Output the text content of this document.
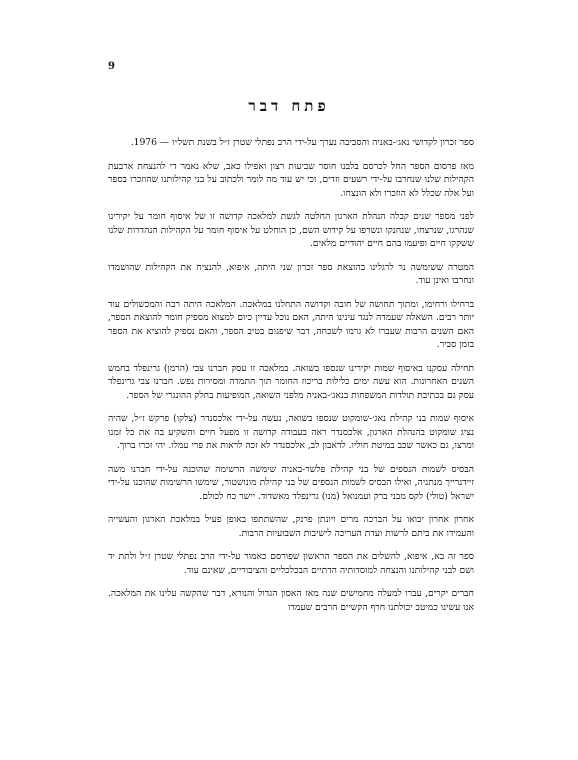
9
פתח דבר

ספר זכרון לקדושי נאג׳-באניה והסביבה נערך על-ידי הרב נפתלי שטרן ז״ל בשנת תשל״ו — 1976.

מאז פרסום הספר החל לכרסם בלבנו חוסר שביעות רצון ואפילו כאב, שלא נאמר די להנצחת ארבעת הקהילות שלנו שנחרבו על-ידי רשעים וזדים, וכי יש עוד מה לומר ולכתוב על בני קהילותנו שהוזכרו בספר ועל אלה שכלל לא הוזכרו ולא הונצחו.

לפני מספר שנים קבלה הנהלת הארגון החלטה לגשת למלאכה קדושה זו של איסוף חומר על יקירינו שנהרגו, שנרצחו, שנחנקו ונשרפו על קידוש השם, כן הוחלט על איסוף חומר על הקהילות הנהדרות שלנו ששקקו חיים ופיעמו בהם חיים יהודיים מלאים.

המטרה ששימשה נר לרגלינו בהוצאת ספר זכרון שני היתה, איפוא, להנציח את הקהילות שהושמדו ונחרבו ואינן עוד.

ברחילו ורחימו, ומתוך תחושה של חובה וקדושה התחלנו במלאכה. המלאכה היתה רבה והמכשולים עוד יותר רבים. השאלה שעמדה לנגד עינינו היתה, האם נוכל עדיין כיום למצוא מספיק חומר להוצאת הספר, האם השנים הרבות שעברו לא גרמו לשכחה, דבר שיפגום בטיב הספר, והאם נספיק להוציא את הספר בזמן סביר.

תחילה עסקנו באיסוף שמות יקירינו שנספו בשואה. במלאכה זו עסק חברנו צבי (הרמן) גרינפלד בחמש השנים האחרונות. הוא עשה ימים כלילות בריכוז החומר תוך התמדה ומסירות נפש. חברנו צבי גרינפלד עסק גם בכתיבת תולדות המשפחות בנאג׳-באניה מלפני השואה, המופיעות בחלק ההונגרי של הספר.

איסוף שמות בני קהילת נאג׳-שומקוט שנספו בשואה, נעשה על-ידי אלכסנדר (צלקו) פרקש ז״ל, שהיה נציג שומקוט בהנהלת הארגון, אלכסנדר ראה בעבודה קדושה זו מפעל חיים והשקיע בה את כל זמנו ומרצו, גם כאשר שכב במיטת חוליו. לדאבון לב, אלכסנדר לא זכה לראות את פרי עמלו. יהי זכרו ברוך.

הבסיס לשמות הנספים של בני קהילת פלשר-באניה שימשה הרשימה שהוכנה על-ידי חברנו משה זיידנרייך מנתניה, ואילו הבסיס לשמות הנספים של בני קהילת מונושטור, שימשו הרשימות שהוכנו על-ידי ישראל (טולי) לקס מבני ברק ועמנואל (מנו) גרינפלד מאשדוד. יישר כח לכולם.

אחרון אחרון יבואו על הברכה מרים ויונתן פרנק, שהשתתפו באופן פעיל במלאכת הארגון והעשייה והעמידו את ביתם לרשות ועדת העריכה לישיבות השבועיות הרבות.

ספר זה בא, איפוא, להשלים את הספר הראשון שפורסם כאמור על-ידי הרב נפתלי שטרן ז״ל ולתת יד ושם לבני קהילותנו והנצחה למוסדותיה הדתיים הבכלכליים והציבוריים, שאינם עוד.

חברים יקרים, עברו למעלה מחמישים שנה מאז האסון הגדול והנורא, דבר שהקשה עלינו את המלאכה. אנו עשינו כמיטב יכולתנו חרף הקשיים הרבים שעמדו
